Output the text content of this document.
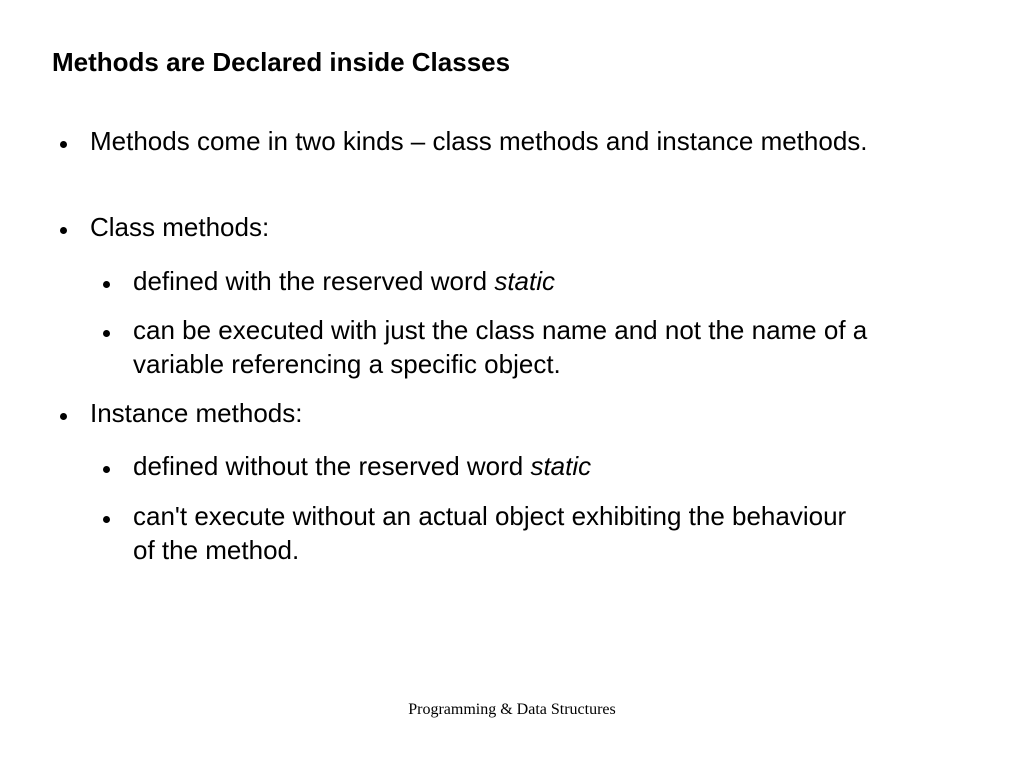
Methods are Declared inside Classes
Methods come in two kinds – class methods and instance methods.
Class methods:
defined with the reserved word static
can be executed with just the class name and not the name of a variable referencing a specific object.
Instance methods:
defined without the reserved word static
can't execute without an actual object exhibiting the behaviour of the method.
Programming & Data Structures
